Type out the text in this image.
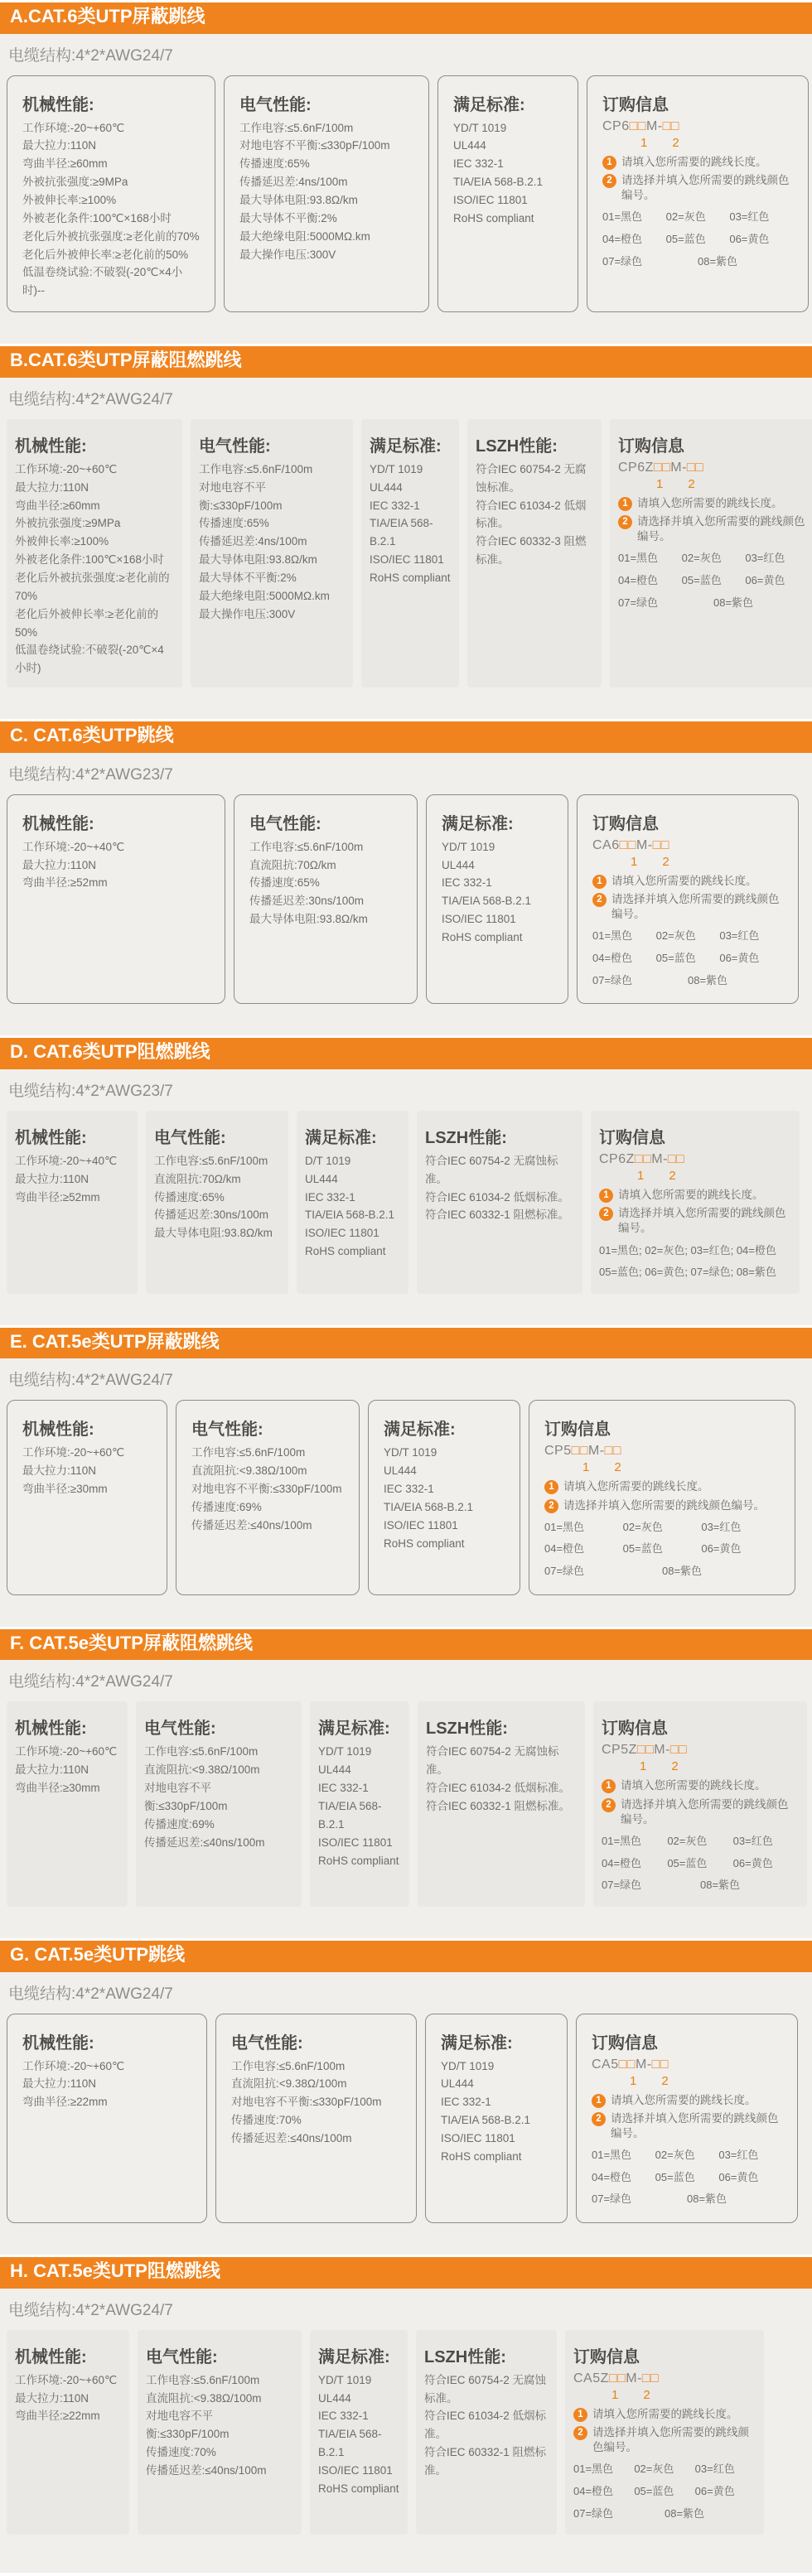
A.CAT.6类UTP屏蔽跳线
电缆结构:4*2*AWG24/7
机械性能:
工作环境:-20~+60℃
最大拉力:110N
弯曲半径:≥60mm
外被抗张强度:≥9MPa
外被伸长率:≥100%
外被老化条件:100℃×168小时
老化后外被抗张强度:≥老化前的70%
老化后外被伸长率:≥老化前的50%
低温卷绕试验:不破裂(-20℃×4小时)--
电气性能:
工作电容:≤5.6nF/100m
对地电容不平衡:≤330pF/100m
传播速度:65%
传播延迟差:4ns/100m
最大导体电阻:93.8Ω/km
最大导体不平衡:2%
最大绝缘电阻:5000MΩ.km
最大操作电压:300V
满足标准:
YD/T 1019
UL444
IEC 332-1
TIA/EIA 568-B.2.1
ISO/IEC 11801
RoHS compliant
订购信息
CP6□□M-□□
1 2
1 请填入您所需要的跳线长度。
2 请选择并填入您所需要的跳线颜色编号。
01=黑色	02=灰色	03=红色
04=橙色	05=蓝色	06=黄色
07=绿色	08=紫色
B.CAT.6类UTP屏蔽阻燃跳线
电缆结构:4*2*AWG24/7
机械性能:
工作环境:-20~+60℃
最大拉力:110N
弯曲半径:≥60mm
外被抗张强度:≥9MPa
外被伸长率:≥100%
外被老化条件:100℃×168小时
老化后外被抗张强度:≥老化前的70%
老化后外被伸长率:≥老化前的50%
低温卷绕试验:不破裂(-20℃×4小时)
电气性能:
工作电容:≤5.6nF/100m
对地电容不平衡:≤330pF/100m
传播速度:65%
传播延迟差:4ns/100m
最大导体电阻:93.8Ω/km
最大导体不平衡:2%
最大绝缘电阻:5000MΩ.km
最大操作电压:300V
满足标准:
YD/T 1019
UL444
IEC 332-1
TIA/EIA 568-B.2.1
ISO/IEC 11801
RoHS compliant
LSZH性能:
符合IEC 60754-2 无腐蚀标准。
符合IEC 61034-2 低烟标准。
符合IEC 60332-3 阻燃标准。
订购信息
CP6Z□□M-□□
1 2
1 请填入您所需要的跳线长度。
2 请选择并填入您所需要的跳线颜色编号。
01=黑色	02=灰色	03=红色
04=橙色	05=蓝色	06=黄色
07=绿色	08=紫色
C. CAT.6类UTP跳线
电缆结构:4*2*AWG23/7
机械性能:
工作环境:-20~+40℃
最大拉力:110N
弯曲半径:≥52mm
电气性能:
工作电容:≤5.6nF/100m
直流阻抗:70Ω/km
传播速度:65%
传播延迟差:30ns/100m
最大导体电阻:93.8Ω/km
满足标准:
YD/T 1019
UL444
IEC 332-1
TIA/EIA 568-B.2.1
ISO/IEC 11801
RoHS compliant
订购信息
CA6□□M-□□
1 2
1 请填入您所需要的跳线长度。
2 请选择并填入您所需要的跳线颜色编号。
01=黑色	02=灰色	03=红色
04=橙色	05=蓝色	06=黄色
07=绿色	08=紫色
D. CAT.6类UTP阻燃跳线
电缆结构:4*2*AWG23/7
机械性能:
工作环境:-20~+40℃
最大拉力:110N
弯曲半径:≥52mm
电气性能:
工作电容:≤5.6nF/100m
直流阻抗:70Ω/km
传播速度:65%
传播延迟差:30ns/100m
最大导体电阻:93.8Ω/km
满足标准:
D/T 1019
UL444
IEC 332-1
TIA/EIA 568-B.2.1
ISO/IEC 11801
RoHS compliant
LSZH性能:
符合IEC 60754-2 无腐蚀标准。
符合IEC 61034-2 低烟标准。
符合IEC 60332-1 阻燃标准。
订购信息
CP6Z□□M-□□
1 2
1 请填入您所需要的跳线长度。
2 请选择并填入您所需要的跳线颜色编号。
01=黑色; 02=灰色; 03=红色; 04=橙色
05=蓝色; 06=黄色; 07=绿色; 08=紫色
E. CAT.5e类UTP屏蔽跳线
电缆结构:4*2*AWG24/7
机械性能:
工作环境:-20~+60℃
最大拉力:110N
弯曲半径:≥30mm
电气性能:
工作电容:≤5.6nF/100m
直流阻抗:<9.38Ω/100m
对地电容不平衡:≤330pF/100m
传播速度:69%
传播延迟差:≤40ns/100m
满足标准:
YD/T 1019
UL444
IEC 332-1
TIA/EIA 568-B.2.1
ISO/IEC 11801
RoHS compliant
订购信息
CP5□□M-□□
1 2
1 请填入您所需要的跳线长度。
2 请选择并填入您所需要的跳线颜色编号。
01=黑色	02=灰色	03=红色
04=橙色	05=蓝色	06=黄色
07=绿色	08=紫色
F. CAT.5e类UTP屏蔽阻燃跳线
电缆结构:4*2*AWG24/7
机械性能:
工作环境:-20~+60℃
最大拉力:110N
弯曲半径:≥30mm
电气性能:
工作电容:≤5.6nF/100m
直流阻抗:<9.38Ω/100m
对地电容不平衡:≤330pF/100m
传播速度:69%
传播延迟差:≤40ns/100m
满足标准:
YD/T 1019
UL444
IEC 332-1
TIA/EIA 568-B.2.1
ISO/IEC 11801
RoHS compliant
LSZH性能:
符合IEC 60754-2 无腐蚀标准。
符合IEC 61034-2 低烟标准。
符合IEC 60332-1 阻燃标准。
订购信息
CP5Z□□M-□□
1 2
1 请填入您所需要的跳线长度。
2 请选择并填入您所需要的跳线颜色编号。
01=黑色	02=灰色	03=红色
04=橙色	05=蓝色	06=黄色
07=绿色	08=紫色
G. CAT.5e类UTP跳线
电缆结构:4*2*AWG24/7
机械性能:
工作环境:-20~+60℃
最大拉力:110N
弯曲半径:≥22mm
电气性能:
工作电容:≤5.6nF/100m
直流阻抗:<9.38Ω/100m
对地电容不平衡:≤330pF/100m
传播速度:70%
传播延迟差:≤40ns/100m
满足标准:
YD/T 1019
UL444
IEC 332-1
TIA/EIA 568-B.2.1
ISO/IEC 11801
RoHS compliant
订购信息
CA5□□M-□□
1 2
1 请填入您所需要的跳线长度。
2 请选择并填入您所需要的跳线颜色编号。
01=黑色	02=灰色	03=红色
04=橙色	05=蓝色	06=黄色
07=绿色	08=紫色
H. CAT.5e类UTP阻燃跳线
电缆结构:4*2*AWG24/7
机械性能:
工作环境:-20~+60℃
最大拉力:110N
弯曲半径:≥22mm
电气性能:
工作电容:≤5.6nF/100m
直流阻抗:<9.38Ω/100m
对地电容不平衡:≤330pF/100m
传播速度:70%
传播延迟差:≤40ns/100m
满足标准:
YD/T 1019
UL444
IEC 332-1
TIA/EIA 568-B.2.1
ISO/IEC 11801
RoHS compliant
LSZH性能:
符合IEC 60754-2 无腐蚀标准。
符合IEC 61034-2 低烟标准。
符合IEC 60332-1 阻燃标准。
订购信息
CA5Z□□M-□□
1 2
1 请填入您所需要的跳线长度。
2 请选择并填入您所需要的跳线颜色编号。
01=黑色	02=灰色	03=红色
04=橙色	05=蓝色	06=黄色
07=绿色	08=紫色
